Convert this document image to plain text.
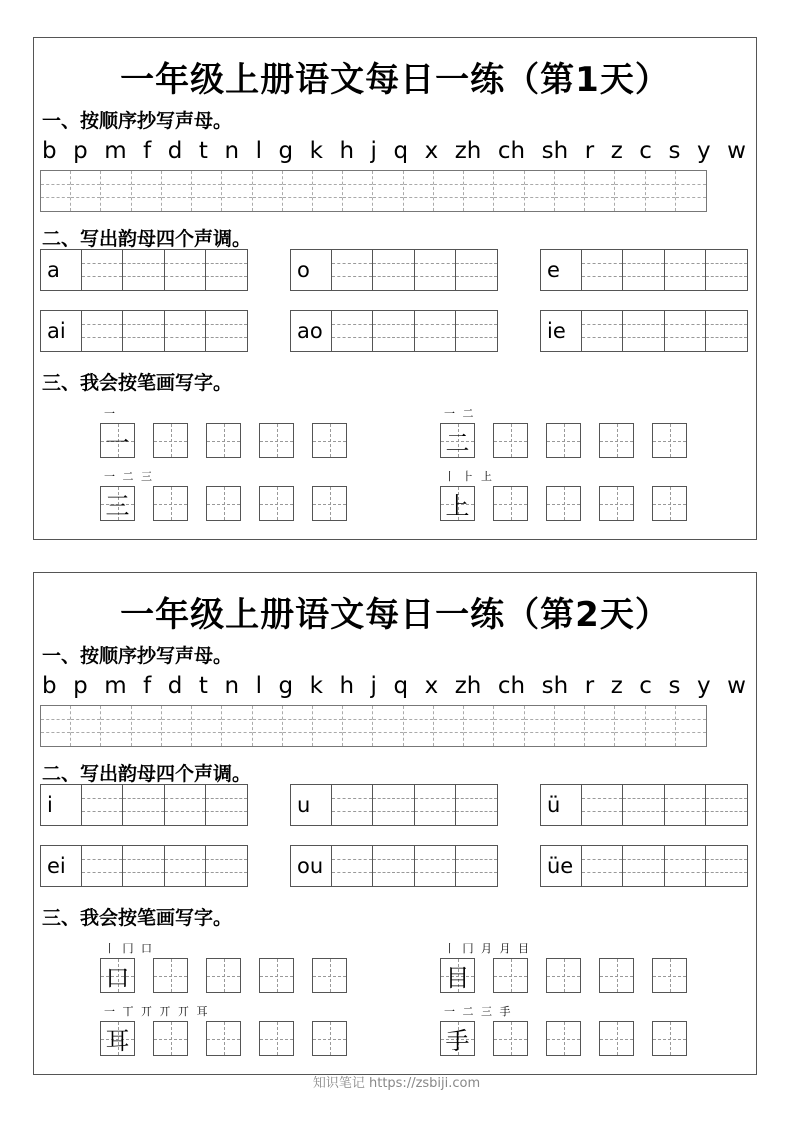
一年级上册语文每日一练（第1天）
一、按顺序抄写声母。
b p m f d t n l g k h j q x zh ch sh r z c s y w
二、写出韵母四个声调。
a	o	e
ai	ao	ie
三、我会按笔画写字。
一
一
一 二
二
一 二 三
三
丨 ⺊ 上
上
一年级上册语文每日一练（第2天）
一、按顺序抄写声母。
b p m f d t n l g k h j q x zh ch sh r z c s y w
二、写出韵母四个声调。
i	u	ü
ei	ou	üe
三、我会按笔画写字。
丨 冂 口
口
丨 冂 月 月 目
目
一 丅 丌 丌 丌 耳
耳
一 二 三 手
手
知识笔记 https://zsbiji.com
